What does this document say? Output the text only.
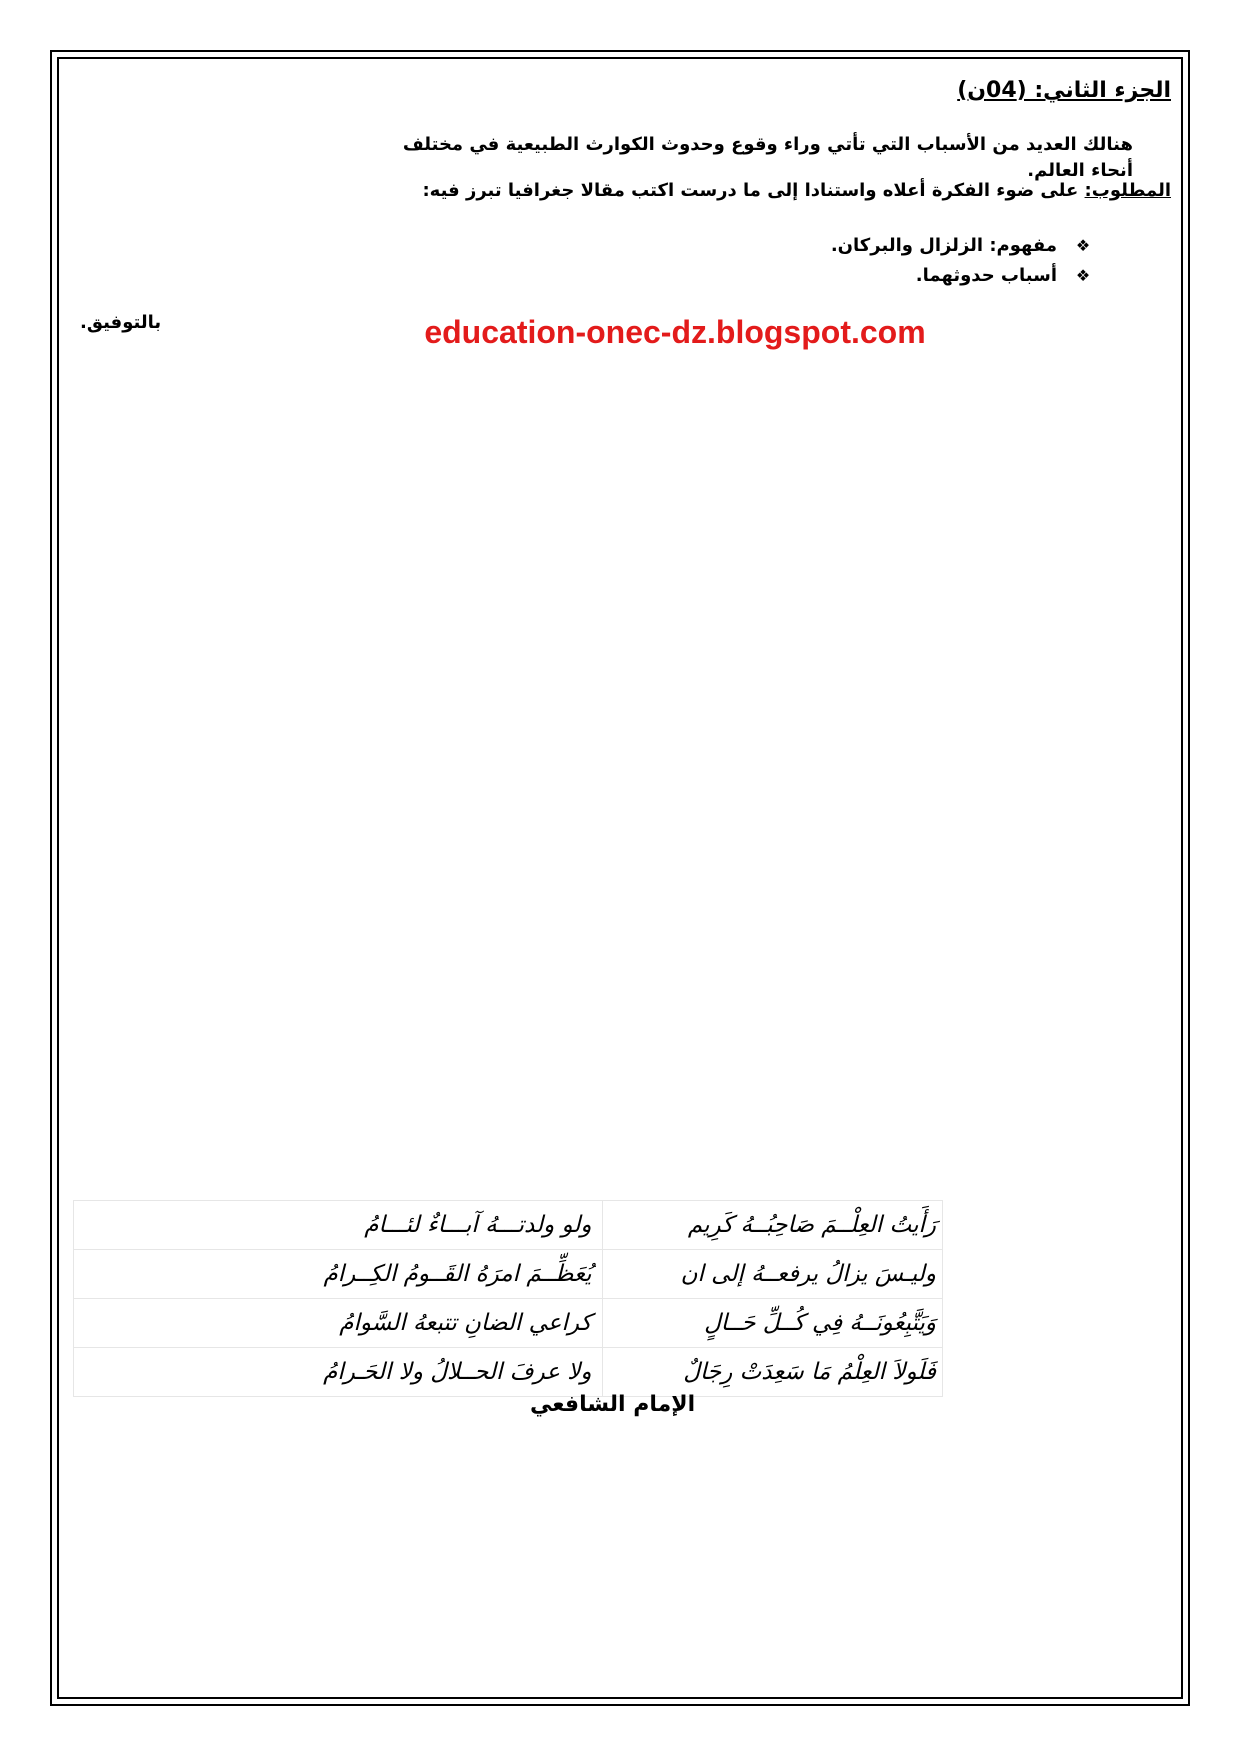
الجزء الثاني: (04ن)
هنالك العديد من الأسباب التي تأتي وراء وقوع وحدوث الكوارث الطبيعية في مختلف أنحاء العالم.
المطلوب: على ضوء الفكرة أعلاه واستنادا إلى ما درست اكتب مقالا جغرافيا تبرز فيه:
❖
مفهوم: الزلزال والبركان.
❖
أسباب حدوثهما.
بالتوفيق.	education-onec-dz.blogspot.com
رَأَيتُ العِلْــمَ صَاحِبُــهُ كَرِيم	ولو ولدتـــهُ آبـــاءٌ لئـــامُ
وليـسَ يزالُ يرفعــهُ إلى ان	يُعَظِّــمَ امرَهُ القَــومُ الكِــرامُ
وَيَتَّبِعُونَــهُ فِي كُــلِّ حَــالٍ	كراعي الضانِ تتبعهُ السَّوامُ
فَلَولاَ العِلْمُ مَا سَعِدَتْ رِجَالٌ	ولا عرفَ الحــلالُ ولا الحَـرامُ
الإمام الشافعي
